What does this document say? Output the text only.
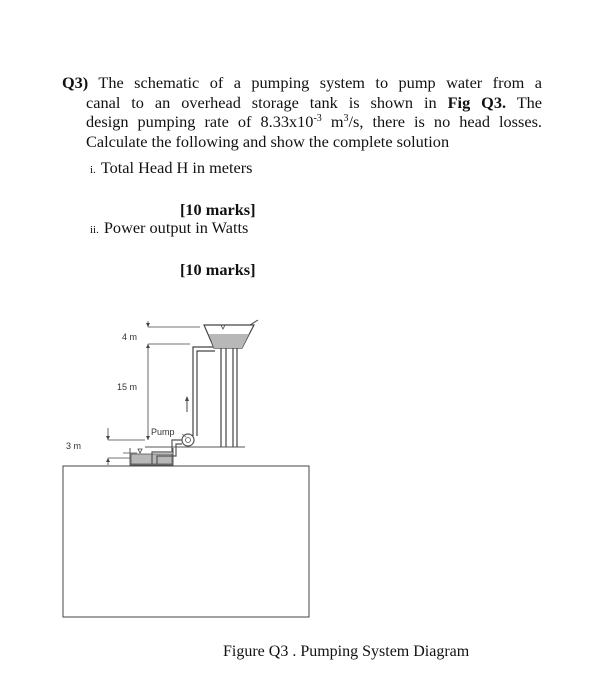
Q3) The schematic of a pumping system to pump water from a
canal to an overhead storage tank is shown in Fig Q3. The
design pumping rate of $8.33x10^{-3}$ $m^3/s$, there is no head losses.
Calculate the following and show the complete solution
i. Total Head H in meters
[10 marks]
ii. Power output in Watts
[10 marks]
Pump
4 m
15 m
3 m
Figure Q3 . Pumping System Diagram
